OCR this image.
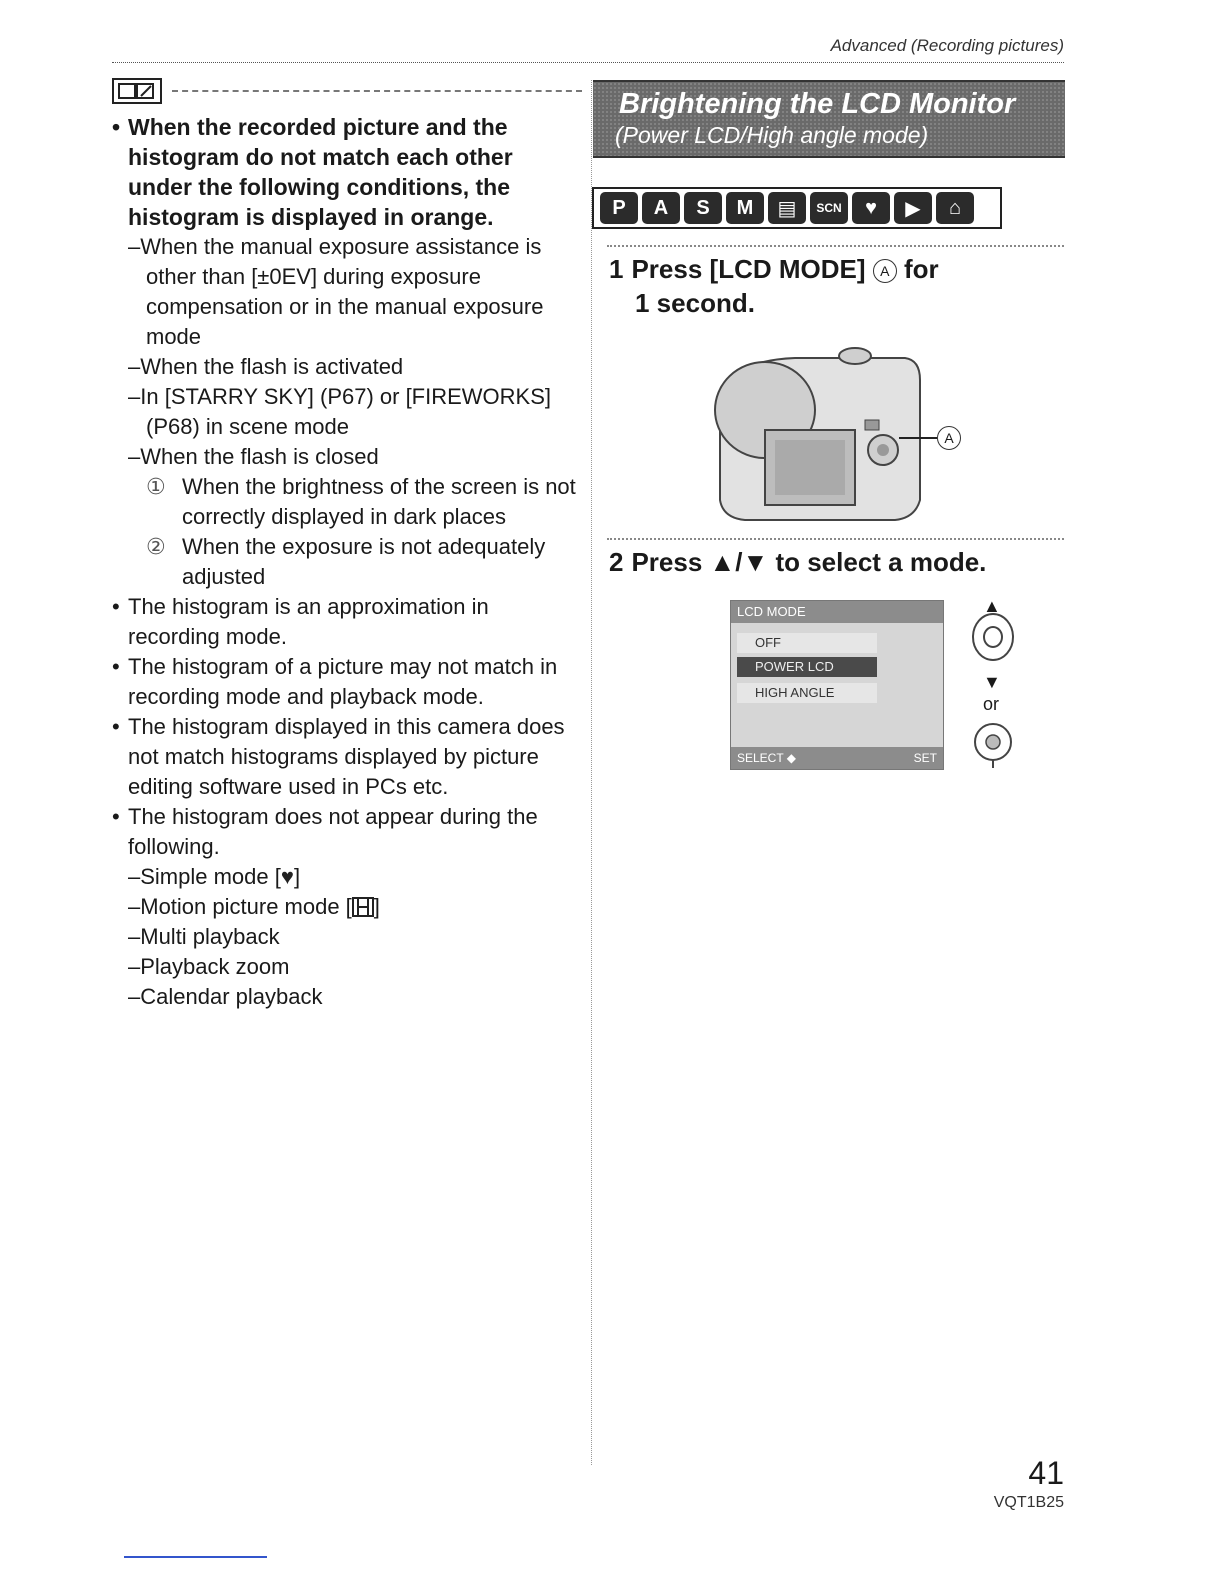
Advanced (Recording pictures)
• When the recorded picture and the histogram do not match each other under the following conditions, the histogram is displayed in orange.
–When the manual exposure assistance is other than [±0EV] during exposure compensation or in the manual exposure mode
–When the flash is activated
–In [STARRY SKY] (P67) or [FIREWORKS] (P68) in scene mode
–When the flash is closed
① When the brightness of the screen is not correctly displayed in dark places
② When the exposure is not adequately adjusted
• The histogram is an approximation in recording mode.
• The histogram of a picture may not match in recording mode and playback mode.
• The histogram displayed in this camera does not match histograms displayed by picture editing software used in PCs etc.
• The histogram does not appear during the following.
–Simple mode [♥]
–Motion picture mode [ ]
–Multi playback
–Playback zoom
–Calendar playback
Brightening the LCD Monitor
(Power LCD/High angle mode)
P	A	S	M	▤	SCN	♥	▶	⌂
1 Press [LCD MODE] A for
1 second.
A
2 Press ▲/▼ to select a mode.
LCD MODE
OFF
POWER LCD
HIGH ANGLE
SELECT ◆	SET
▲
▼
or
41
VQT1B25
